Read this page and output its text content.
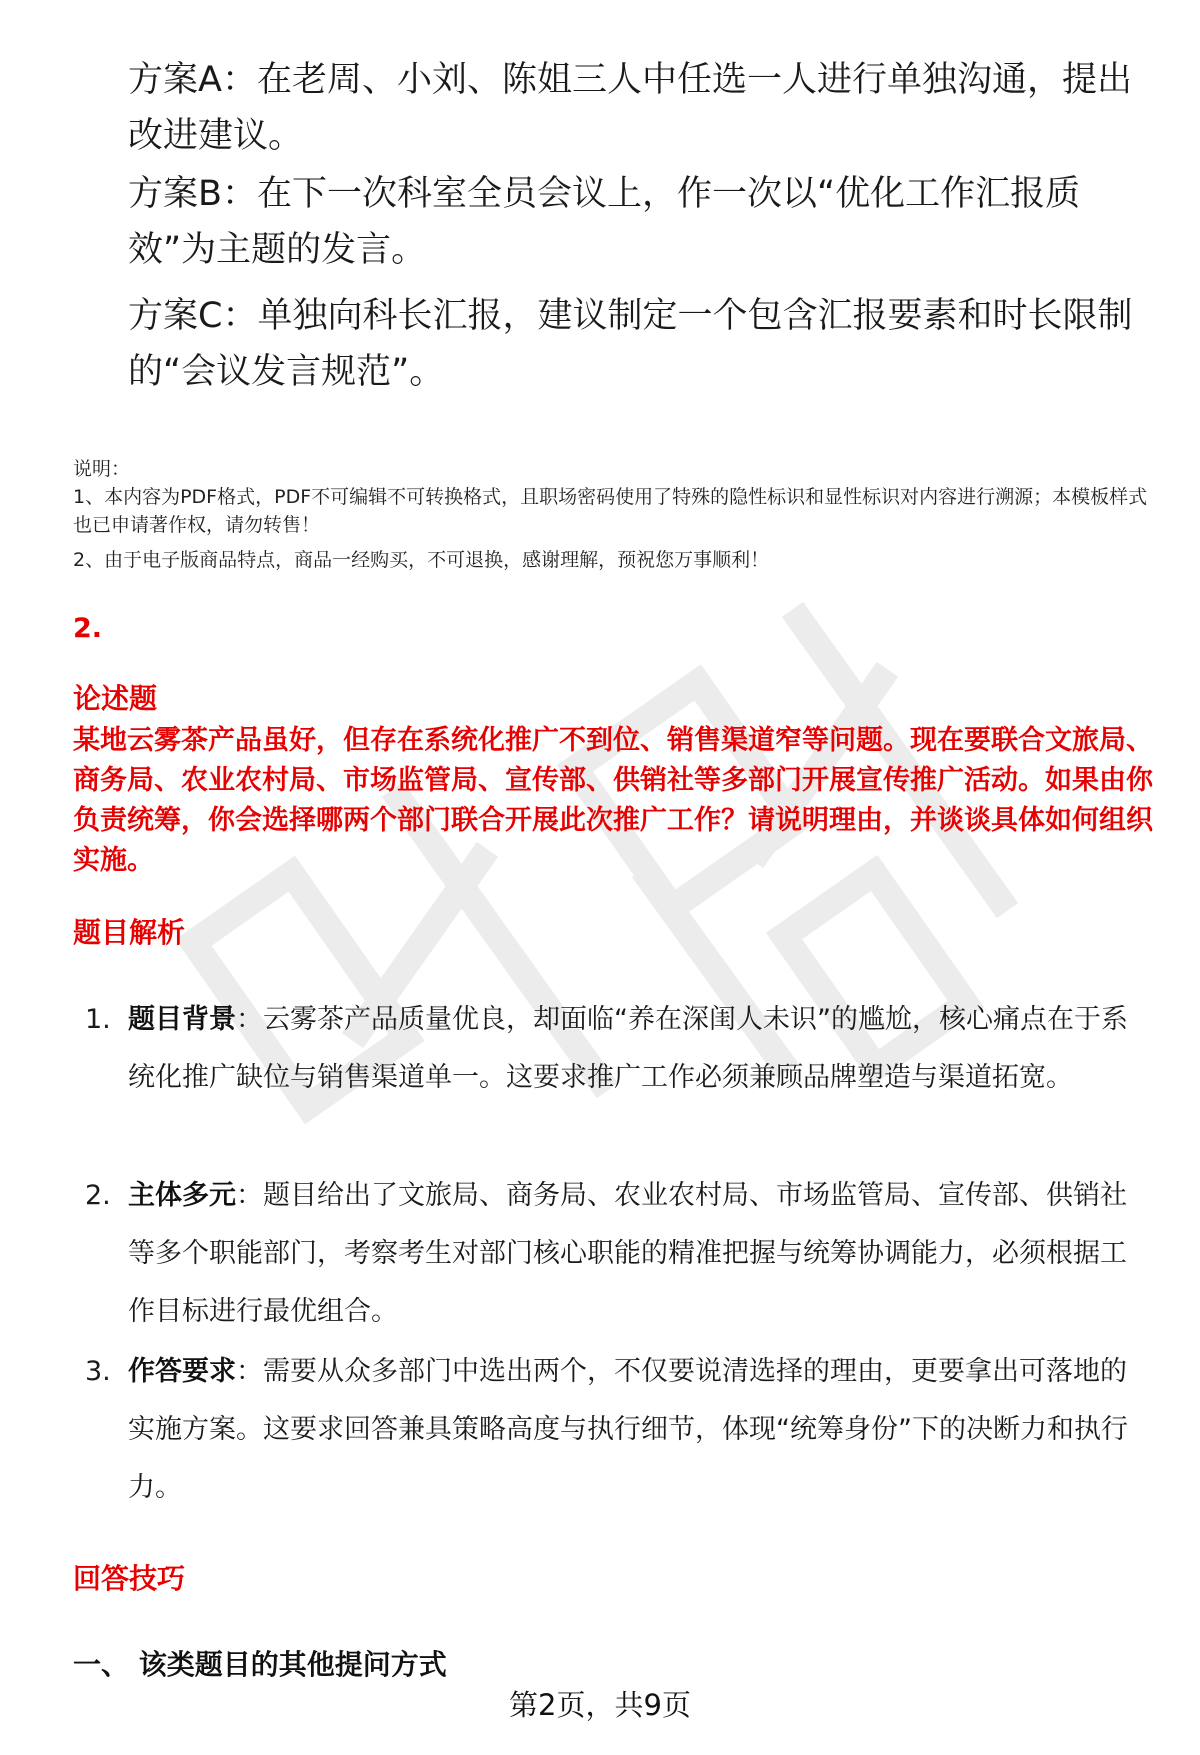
方案A：在老周、小刘、陈姐三人中任选一人进行单独沟通，提出改进建议。

方案B：在下一次科室全员会议上，作一次以“优化工作汇报质效”为主题的发言。

方案C：单独向科长汇报，建议制定一个包含汇报要素和时长限制的“会议发言规范”。

说明：

1、本内容为PDF格式，PDF不可编辑不可转换格式，且职场密码使用了特殊的隐性标识和显性标识对内容进行溯源；本模板样式也已申请著作权，请勿转售！

2、由于电子版商品特点，商品一经购买，不可退换，感谢理解，预祝您万事顺利！

2.

论述题

某地云雾茶产品虽好，但存在系统化推广不到位、销售渠道窄等问题。现在要联合文旅局、商务局、农业农村局、市场监管局、宣传部、供销社等多部门开展宣传推广活动。如果由你负责统筹，你会选择哪两个部门联合开展此次推广工作？请说明理由，并谈谈具体如何组织实施。

题目解析

1. 题目背景：云雾茶产品质量优良，却面临“养在深闺人未识”的尴尬，核心痛点在于系统化推广缺位与销售渠道单一。这要求推广工作必须兼顾品牌塑造与渠道拓宽。

2. 主体多元：题目给出了文旅局、商务局、农业农村局、市场监管局、宣传部、供销社等多个职能部门，考察考生对部门核心职能的精准把握与统筹协调能力，必须根据工作目标进行最优组合。

3. 作答要求：需要从众多部门中选出两个，不仅要说清选择的理由，更要拿出可落地的实施方案。这要求回答兼具策略高度与执行细节，体现“统筹身份”下的决断力和执行力。

回答技巧

一、 该类题目的其他提问方式

第2页，共9页
